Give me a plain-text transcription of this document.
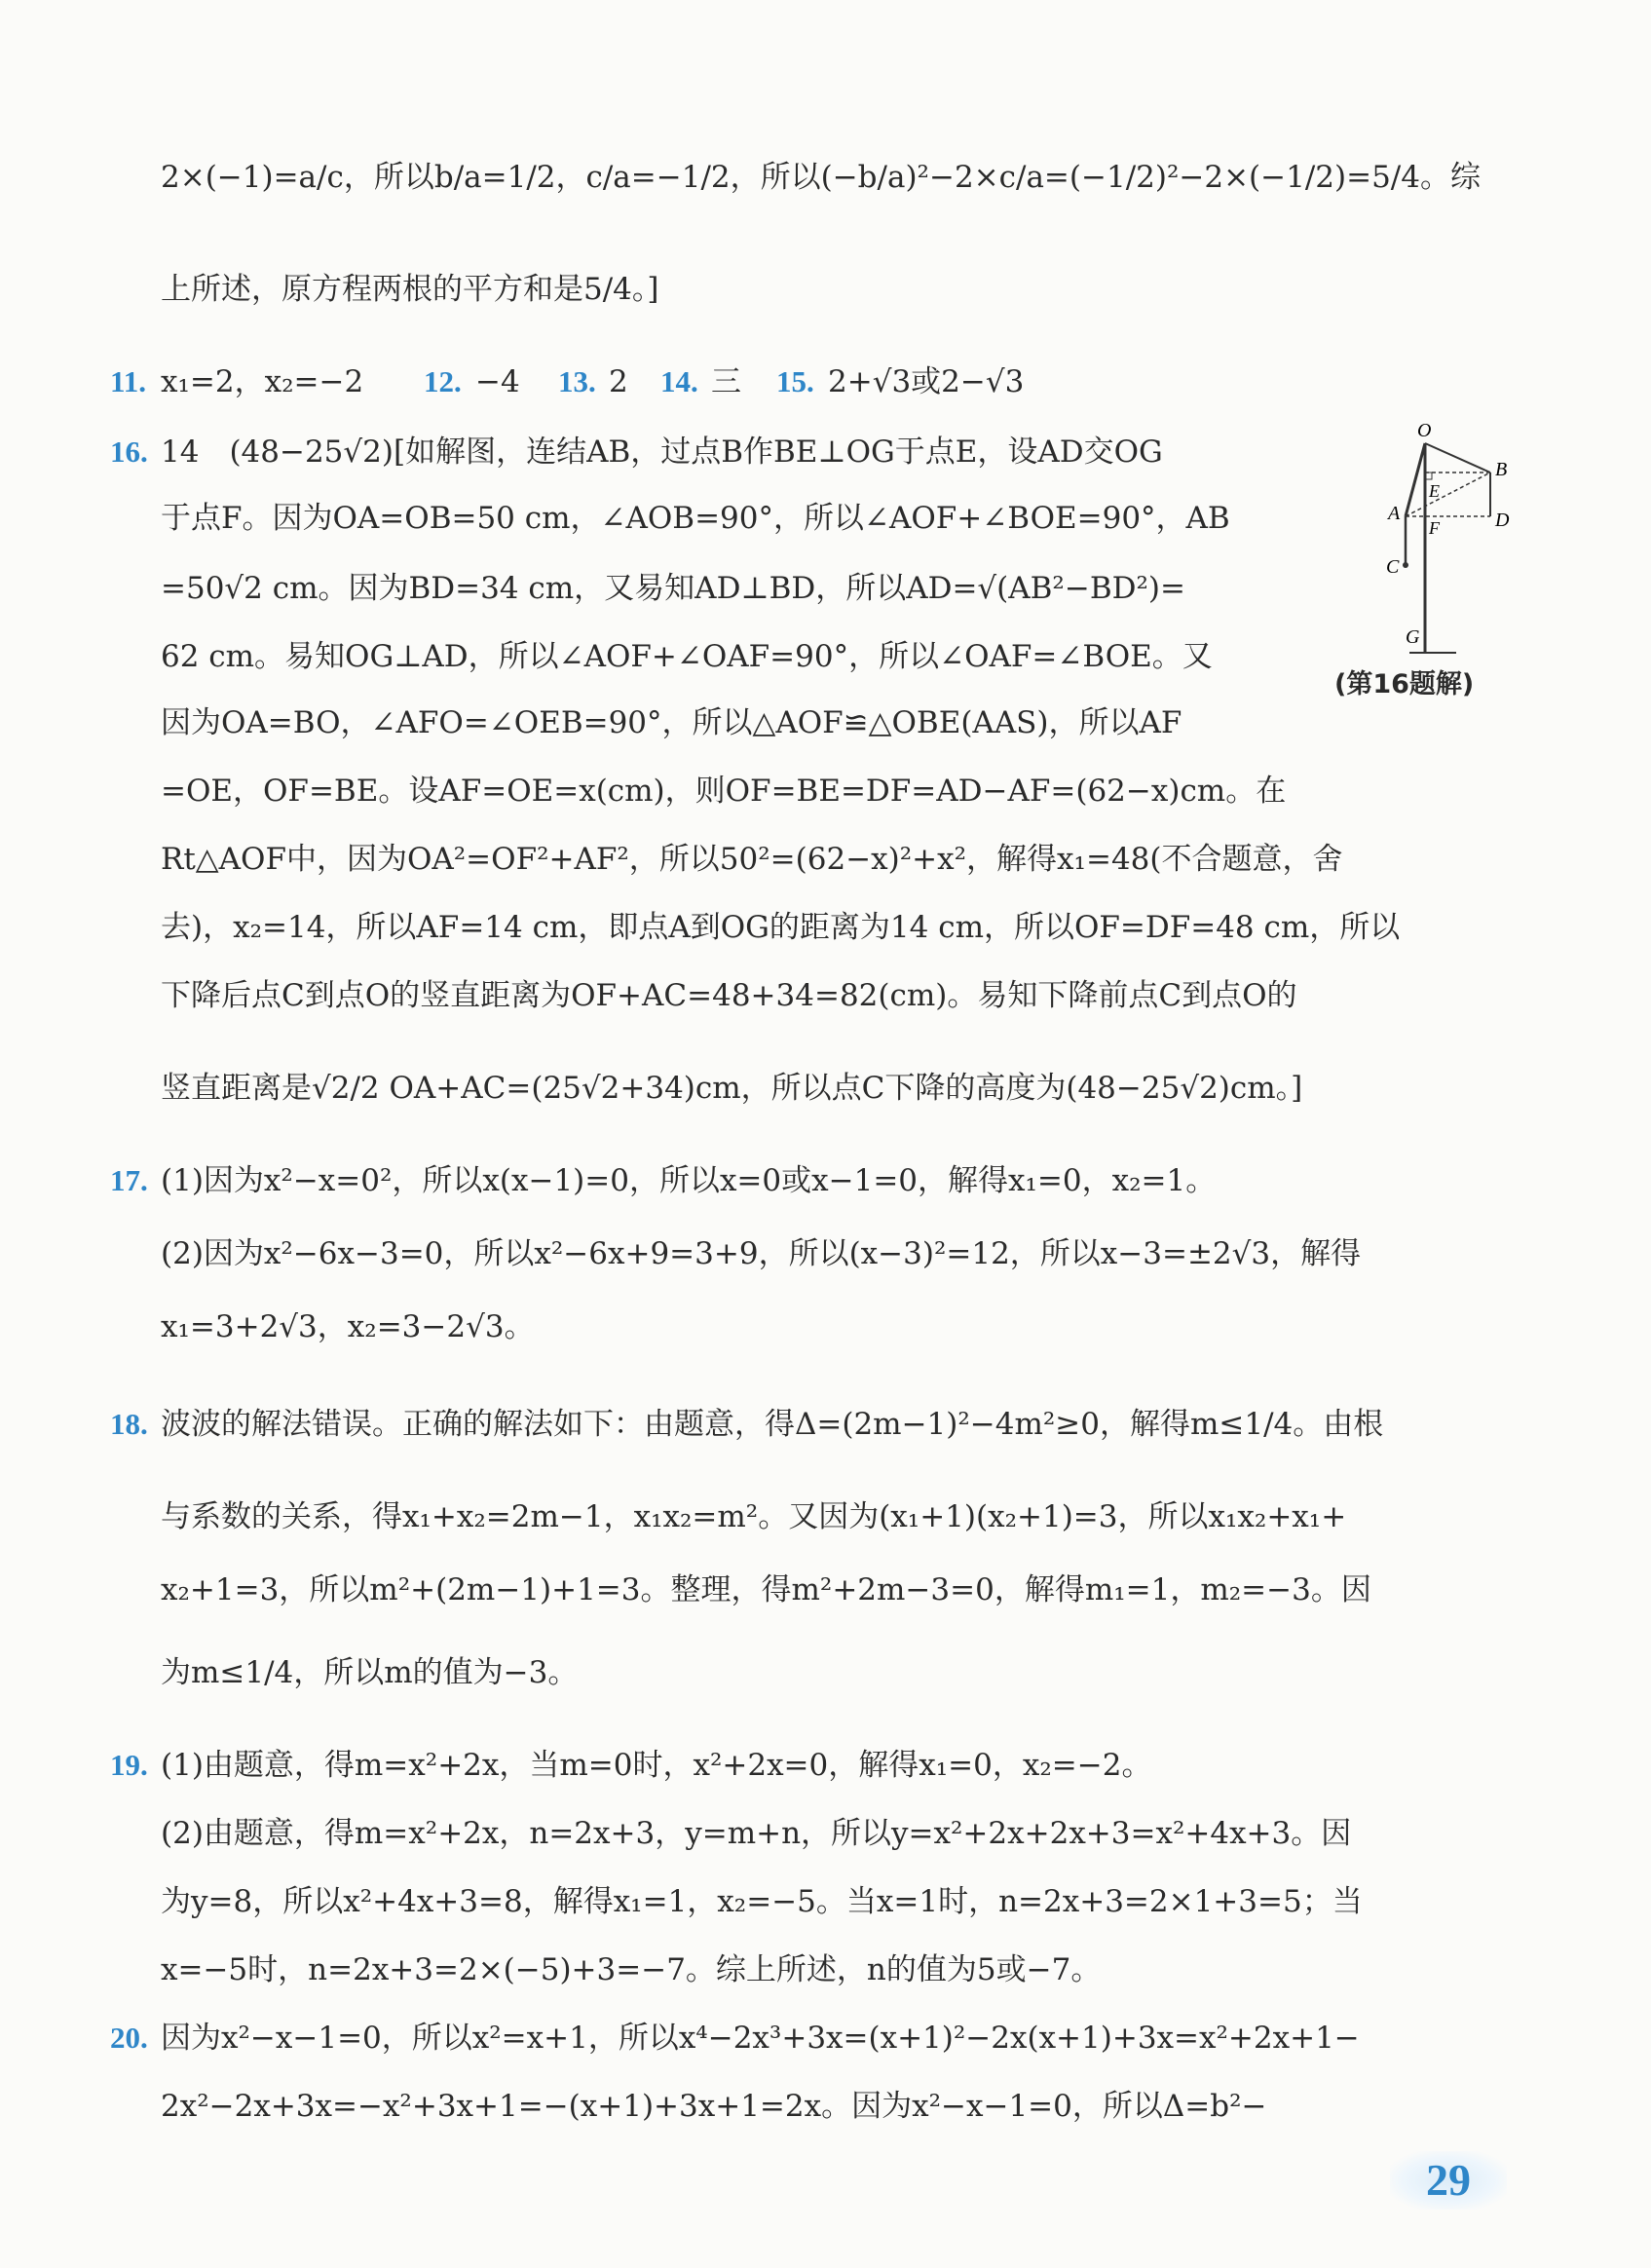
2×(−1)=a/c，所以b/a=1/2，c/a=−1/2，所以(−b/a)²−2×c/a=(−1/2)²−2×(−1/2)=5/4。综
上所述，原方程两根的平方和是5/4。]
11. x₁=2，x₂=−2	12. −4	13. 2	14. 三	15. 2+√3或2−√3
16. 14　(48−25√2)[如解图，连结AB，过点B作BE⊥OG于点E，设AD交OG
于点F。因为OA=OB=50 cm，∠AOB=90°，所以∠AOF+∠BOE=90°，AB
=50√2 cm。因为BD=34 cm，又易知AD⊥BD，所以AD=√(AB²−BD²)=
62 cm。易知OG⊥AD，所以∠AOF+∠OAF=90°，所以∠OAF=∠BOE。又
因为OA=BO，∠AFO=∠OEB=90°，所以△AOF≌△OBE(AAS)，所以AF
=OE，OF=BE。设AF=OE=x(cm)，则OF=BE=DF=AD−AF=(62−x)cm。在
Rt△AOF中，因为OA²=OF²+AF²，所以50²=(62−x)²+x²，解得x₁=48(不合题意，舍
去)，x₂=14，所以AF=14 cm，即点A到OG的距离为14 cm，所以OF=DF=48 cm，所以
下降后点C到点O的竖直距离为OF+AC=48+34=82(cm)。易知下降前点C到点O的
竖直距离是√2/2 OA+AC=(25√2+34)cm，所以点C下降的高度为(48−25√2)cm。]
17. (1)因为x²−x=0²，所以x(x−1)=0，所以x=0或x−1=0，解得x₁=0，x₂=1。
(2)因为x²−6x−3=0，所以x²−6x+9=3+9，所以(x−3)²=12，所以x−3=±2√3，解得
x₁=3+2√3，x₂=3−2√3。
18. 波波的解法错误。正确的解法如下：由题意，得Δ=(2m−1)²−4m²≥0，解得m≤1/4。由根
与系数的关系，得x₁+x₂=2m−1，x₁x₂=m²。又因为(x₁+1)(x₂+1)=3，所以x₁x₂+x₁+
x₂+1=3，所以m²+(2m−1)+1=3。整理，得m²+2m−3=0，解得m₁=1，m₂=−3。因
为m≤1/4，所以m的值为−3。
19. (1)由题意，得m=x²+2x，当m=0时，x²+2x=0，解得x₁=0，x₂=−2。
(2)由题意，得m=x²+2x，n=2x+3，y=m+n，所以y=x²+2x+2x+3=x²+4x+3。因
为y=8，所以x²+4x+3=8，解得x₁=1，x₂=−5。当x=1时，n=2x+3=2×1+3=5；当
x=−5时，n=2x+3=2×(−5)+3=−7。综上所述，n的值为5或−7。
20. 因为x²−x−1=0，所以x²=x+1，所以x⁴−2x³+3x=(x+1)²−2x(x+1)+3x=x²+2x+1−
2x²−2x+3x=−x²+3x+1=−(x+1)+3x+1=2x。因为x²−x−1=0，所以Δ=b²−
O
A
B
C
D
E
F
G
(第16题解)
29
